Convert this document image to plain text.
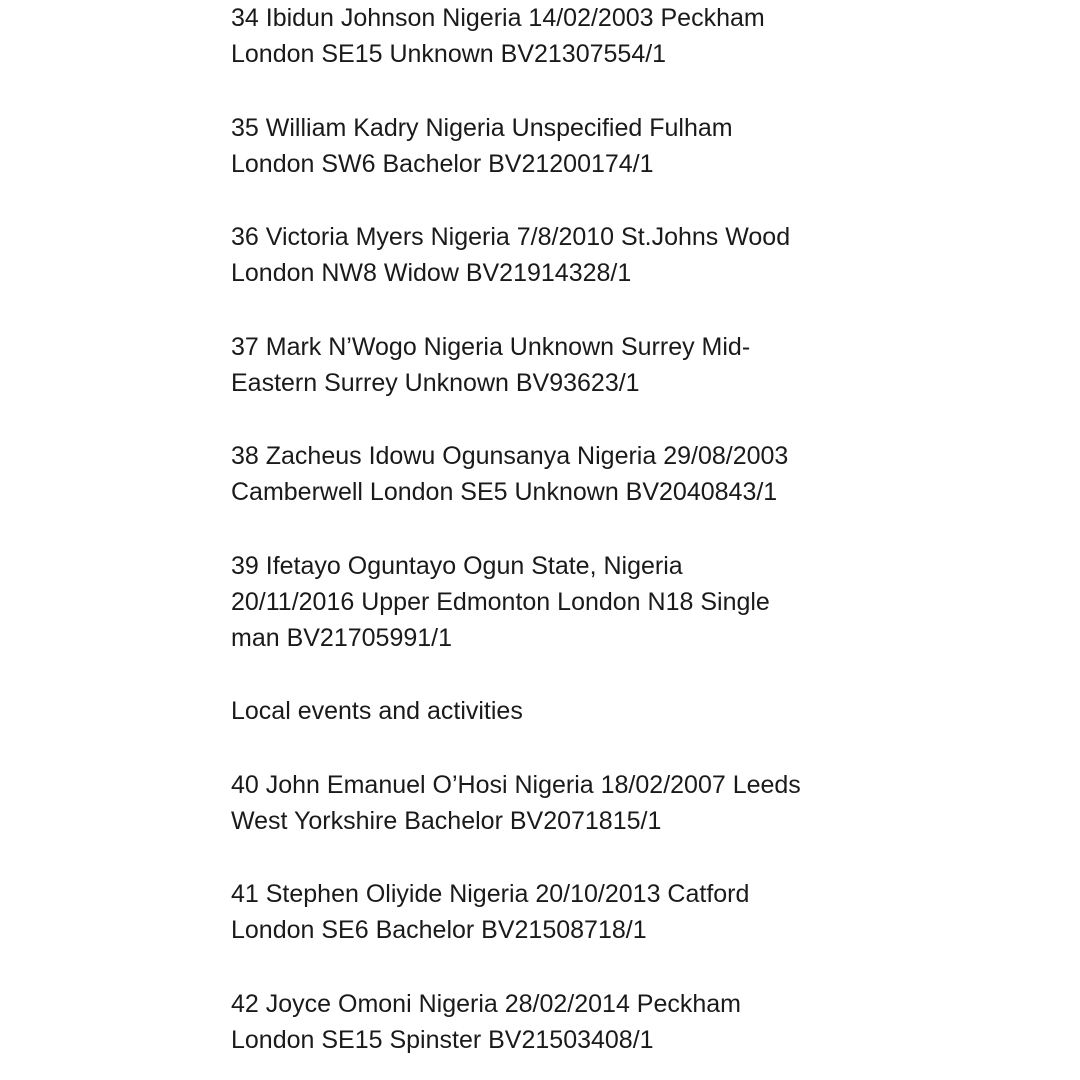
34 Ibidun Johnson Nigeria 14/02/2003 Peckham
London SE15 Unknown BV21307554/1
35 William Kadry Nigeria Unspecified Fulham
London SW6 Bachelor BV21200174/1
36 Victoria Myers Nigeria 7/8/2010 St.Johns Wood
London NW8 Widow BV21914328/1
37 Mark N’Wogo Nigeria Unknown Surrey Mid-
Eastern Surrey Unknown BV93623/1
38 Zacheus Idowu Ogunsanya Nigeria 29/08/2003
Camberwell London SE5 Unknown BV2040843/1
39 Ifetayo Oguntayo Ogun State, Nigeria
20/11/2016 Upper Edmonton London N18 Single
man BV21705991/1
Local events and activities
40 John Emanuel O’Hosi Nigeria 18/02/2007 Leeds
West Yorkshire Bachelor BV2071815/1
41 Stephen Oliyide Nigeria 20/10/2013 Catford
London SE6 Bachelor BV21508718/1
42 Joyce Omoni Nigeria 28/02/2014 Peckham
London SE15 Spinster BV21503408/1
